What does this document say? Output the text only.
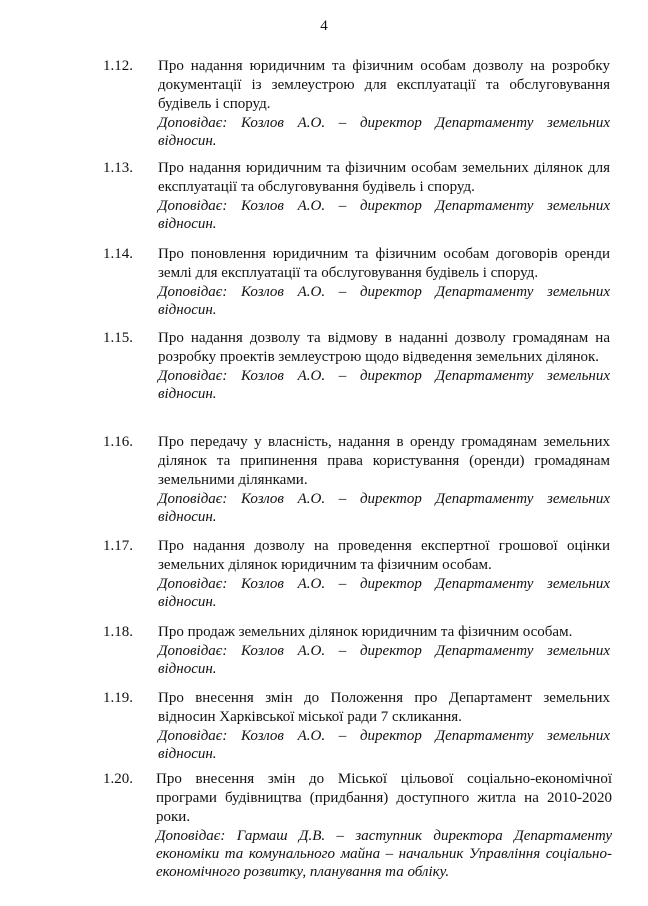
4
1.12. Про надання юридичним та фізичним особам дозволу на розробку документації із землеустрою для експлуатації та обслуговування будівель і споруд.
Доповідає: Козлов А.О. – директор Департаменту земельних відносин.
1.13. Про надання юридичним та фізичним особам земельних ділянок для експлуатації та обслуговування будівель і споруд.
Доповідає: Козлов А.О. – директор Департаменту земельних відносин.
1.14. Про поновлення юридичним та фізичним особам договорів оренди землі для експлуатації та обслуговування будівель і споруд.
Доповідає: Козлов А.О. – директор Департаменту земельних відносин.
1.15. Про надання дозволу та відмову в наданні дозволу громадянам на розробку проектів землеустрою щодо відведення земельних ділянок.
Доповідає: Козлов А.О. – директор Департаменту земельних відносин.
1.16. Про передачу у власність, надання в оренду громадянам земельних ділянок та припинення права користування (оренди) громадянам земельними ділянками.
Доповідає: Козлов А.О. – директор Департаменту земельних відносин.
1.17. Про надання дозволу на проведення експертної грошової оцінки земельних ділянок юридичним та фізичним особам.
Доповідає: Козлов А.О. – директор Департаменту земельних відносин.
1.18. Про продаж земельних ділянок юридичним та фізичним особам.
Доповідає: Козлов А.О. – директор Департаменту земельних відносин.
1.19. Про внесення змін до Положення про Департамент земельних відносин Харківської міської ради 7 скликання.
Доповідає: Козлов А.О. – директор Департаменту земельних відносин.
1.20. Про внесення змін до Міської цільової соціально-економічної програми будівництва (придбання) доступного житла на 2010-2020 роки.
Доповідає: Гармаш Д.В. – заступник директора Департаменту економіки та комунального майна – начальник Управління соціально-економічного розвитку, планування та обліку.
